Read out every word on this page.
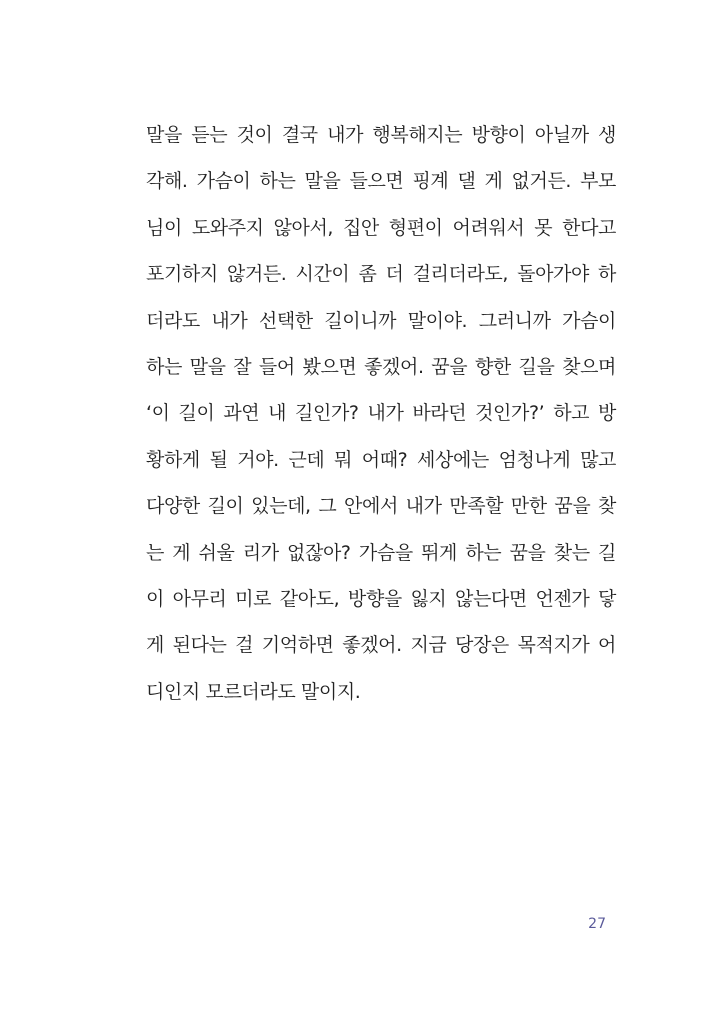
말을 듣는 것이 결국 내가 행복해지는 방향이 아닐까 생
각해. 가슴이 하는 말을 들으면 핑계 댈 게 없거든. 부모
님이 도와주지 않아서, 집안 형편이 어려워서 못 한다고
포기하지 않거든. 시간이 좀 더 걸리더라도, 돌아가야 하
더라도 내가 선택한 길이니까 말이야. 그러니까 가슴이
하는 말을 잘 들어 봤으면 좋겠어. 꿈을 향한 길을 찾으며
‘이 길이 과연 내 길인가? 내가 바라던 것인가?’ 하고 방
황하게 될 거야. 근데 뭐 어때? 세상에는 엄청나게 많고
다양한 길이 있는데, 그 안에서 내가 만족할 만한 꿈을 찾
는 게 쉬울 리가 없잖아? 가슴을 뛰게 하는 꿈을 찾는 길
이 아무리 미로 같아도, 방향을 잃지 않는다면 언젠가 닿
게 된다는 걸 기억하면 좋겠어. 지금 당장은 목적지가 어
디인지 모르더라도 말이지.
27
